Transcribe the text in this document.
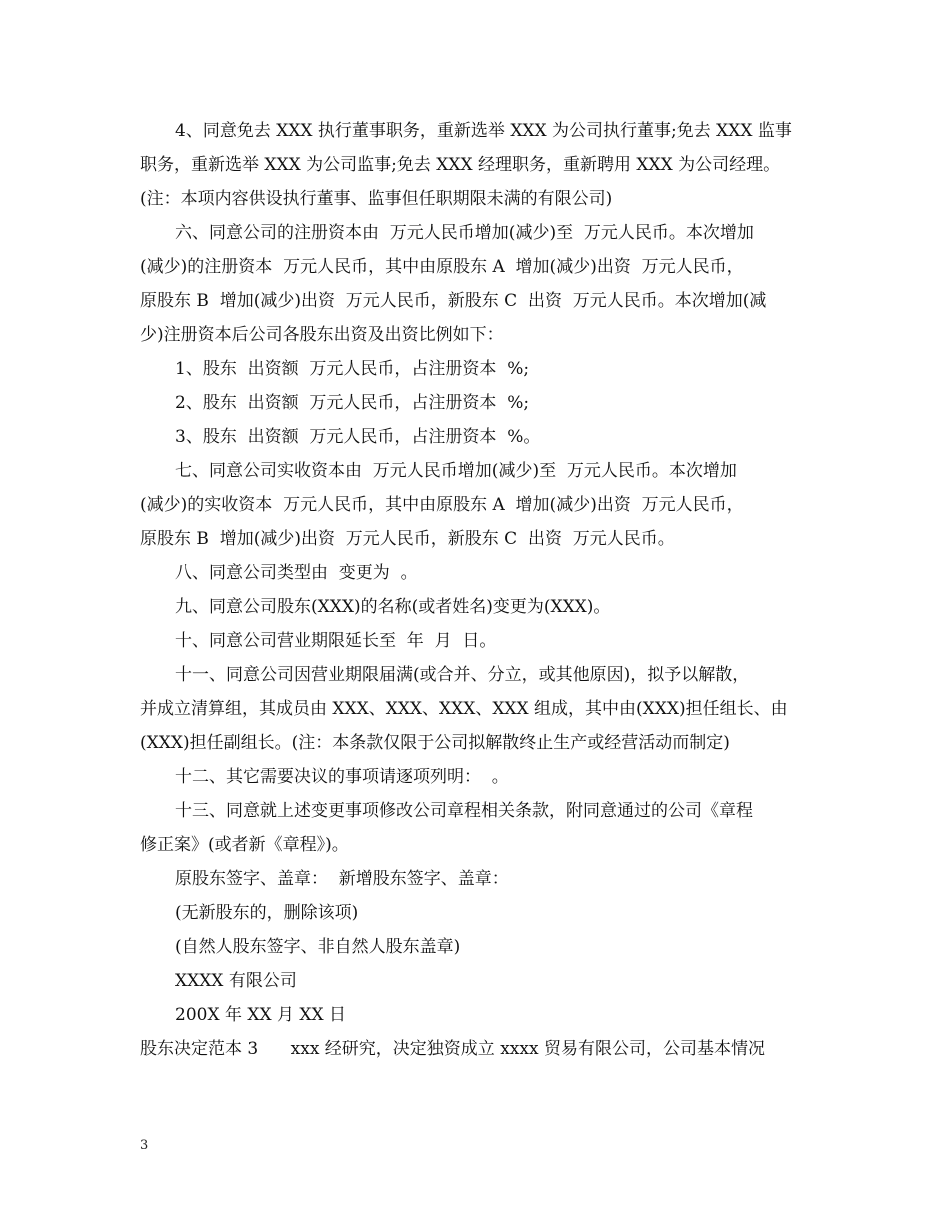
4、同意免去 XXX 执行董事职务，重新选举 XXX 为公司执行董事;免去 XXX 监事
职务，重新选举 XXX 为公司监事;免去 XXX 经理职务，重新聘用 XXX 为公司经理。
(注：本项内容供设执行董事、监事但任职期限未满的有限公司)
六、同意公司的注册资本由  万元人民币增加(减少)至  万元人民币。本次增加
(减少)的注册资本  万元人民币，其中由原股东 A  增加(减少)出资  万元人民币，
原股东 B  增加(减少)出资  万元人民币，新股东 C  出资  万元人民币。本次增加(减
少)注册资本后公司各股东出资及出资比例如下：
1、股东  出资额  万元人民币，占注册资本  %;
2、股东  出资额  万元人民币，占注册资本  %;
3、股东  出资额  万元人民币，占注册资本  %。
七、同意公司实收资本由  万元人民币增加(减少)至  万元人民币。本次增加
(减少)的实收资本  万元人民币，其中由原股东 A  增加(减少)出资  万元人民币，
原股东 B  增加(减少)出资  万元人民币，新股东 C  出资  万元人民币。
八、同意公司类型由  变更为  。
九、同意公司股东(XXX)的名称(或者姓名)变更为(XXX)。
十、同意公司营业期限延长至  年  月  日。
十一、同意公司因营业期限届满(或合并、分立，或其他原因)，拟予以解散，
并成立清算组，其成员由 XXX、XXX、XXX、XXX 组成，其中由(XXX)担任组长、由
(XXX)担任副组长。(注：本条款仅限于公司拟解散终止生产或经营活动而制定)
十二、其它需要决议的事项请逐项列明：  。
十三、同意就上述变更事项修改公司章程相关条款，附同意通过的公司《章程
修正案》(或者新《章程》)。
原股东签字、盖章：  新增股东签字、盖章：
(无新股东的，删除该项)
(自然人股东签字、非自然人股东盖章)
XXXX 有限公司
200X 年 XX 月 XX 日
股东决定范本 3      xxx 经研究，决定独资成立 xxxx 贸易有限公司，公司基本情况
3
